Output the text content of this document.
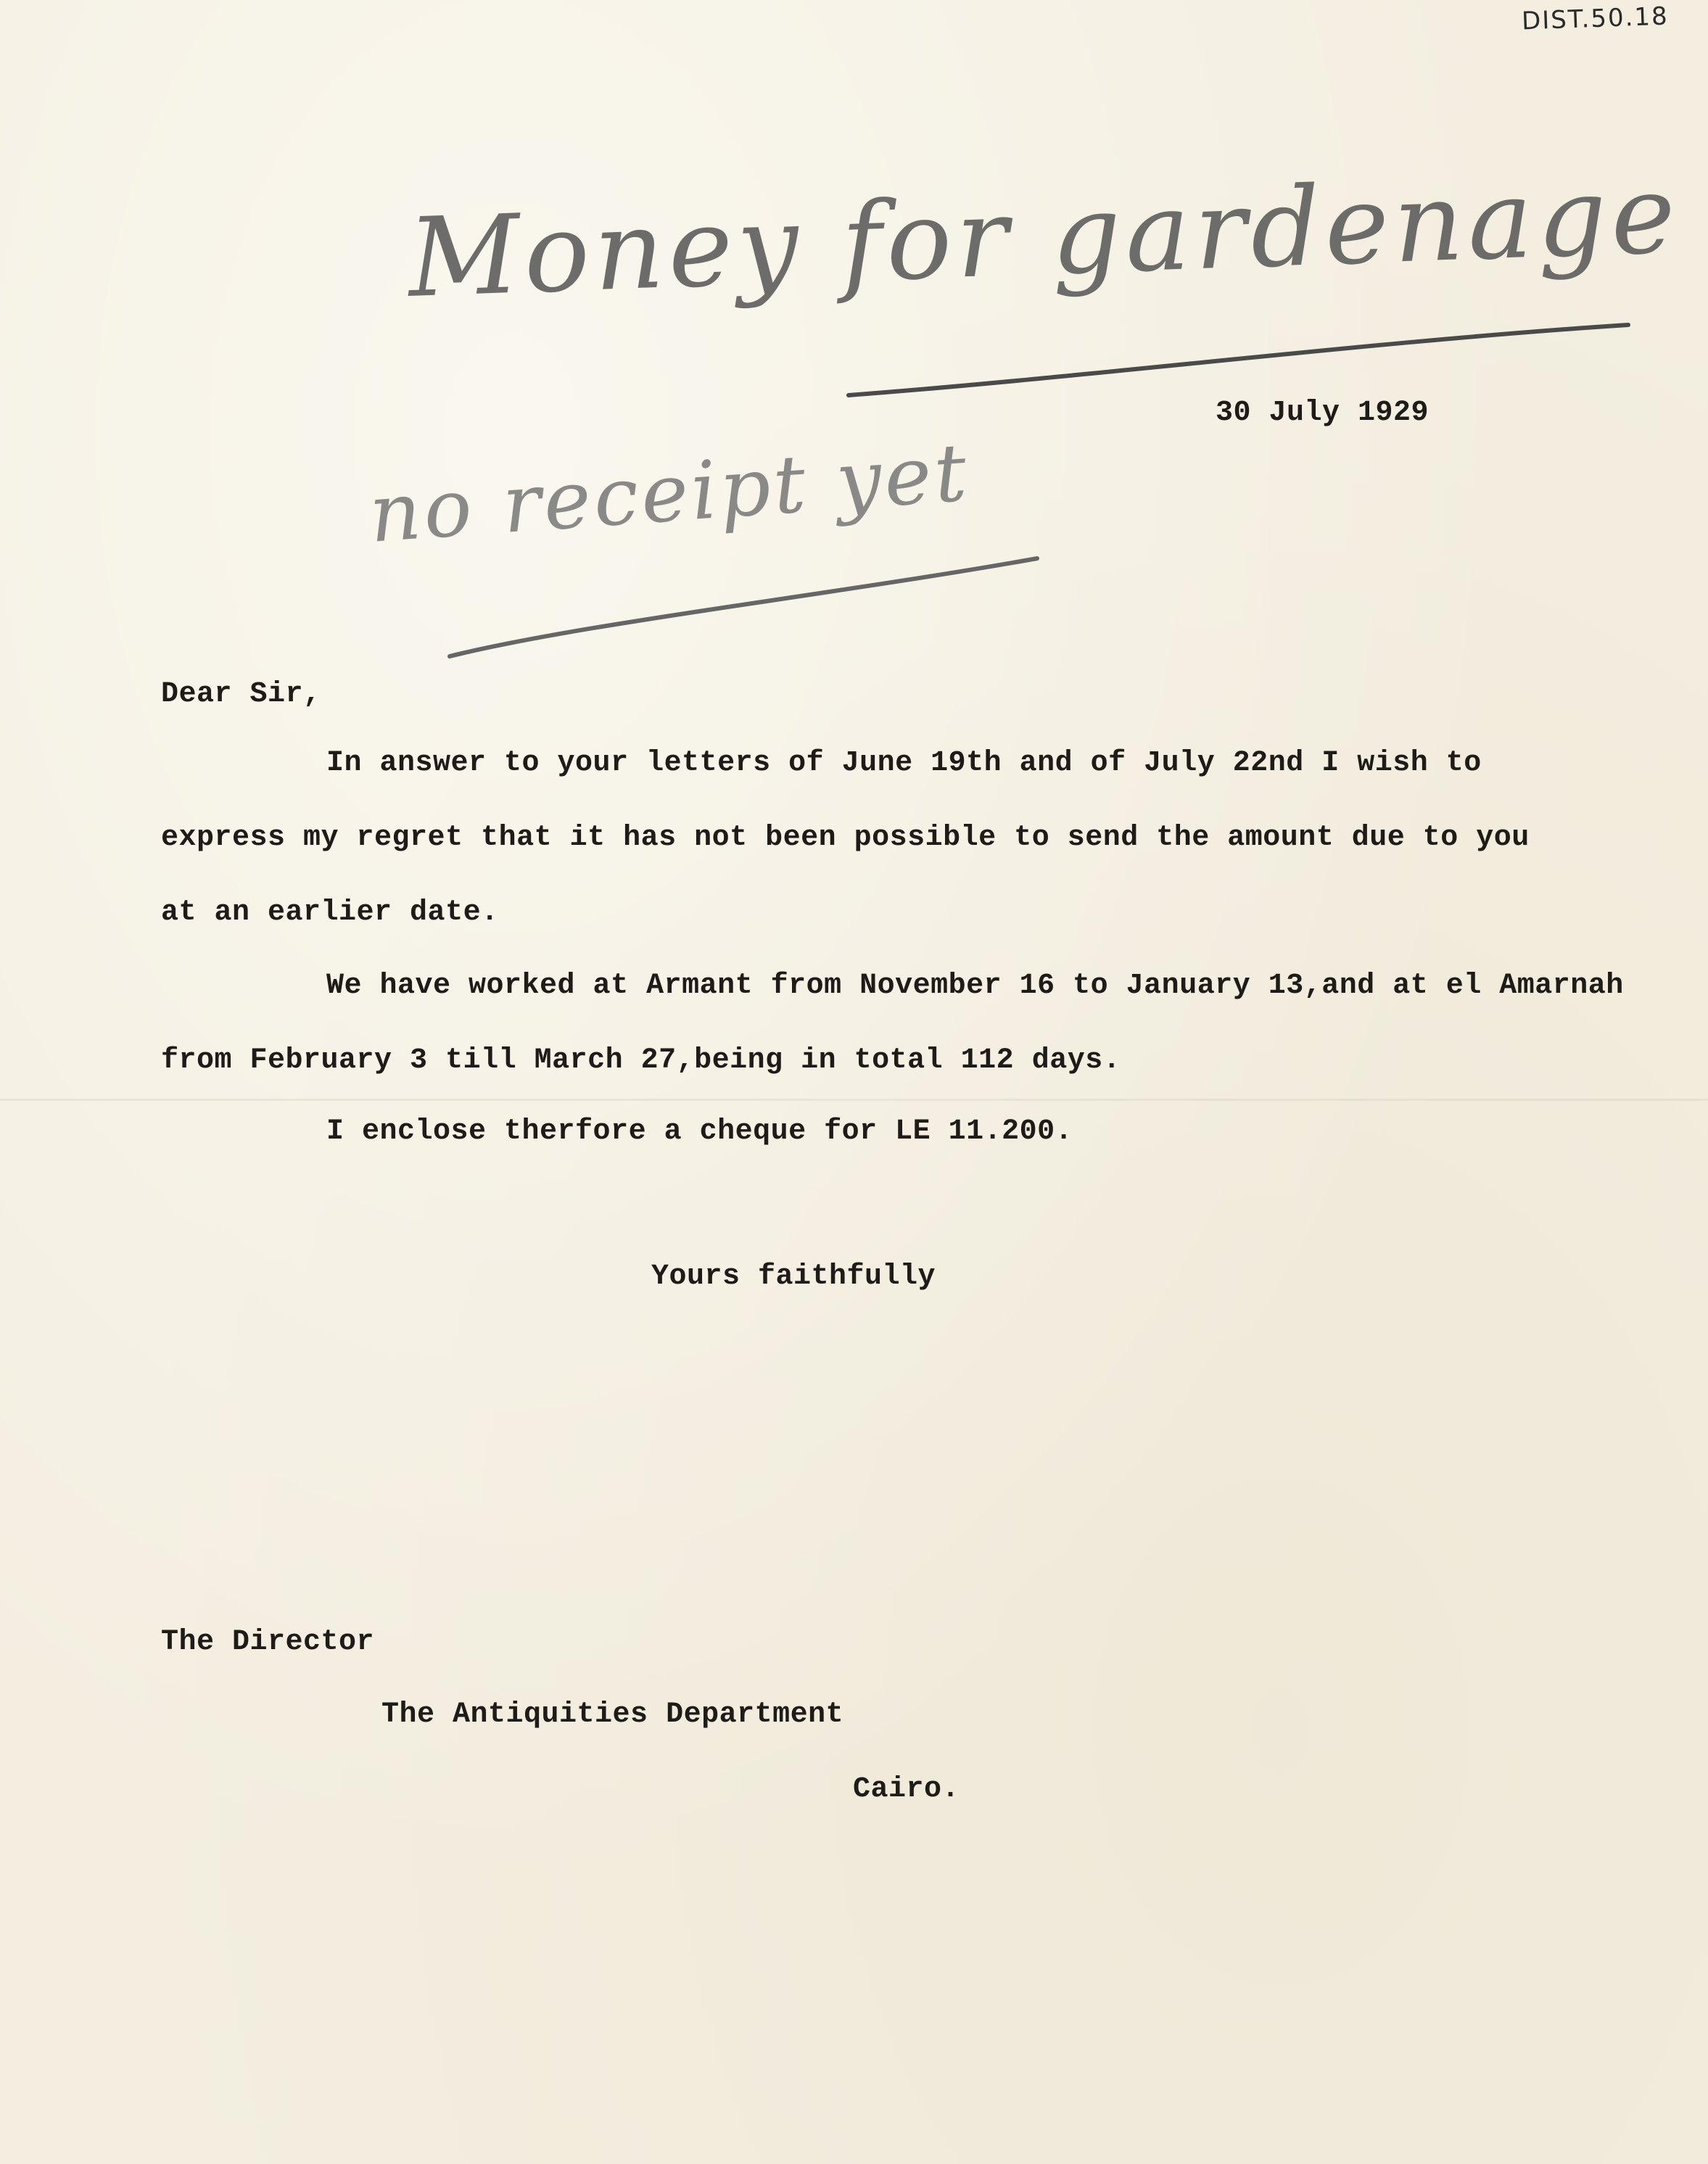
DIST.50.18
Money for gardenage
no receipt yet
30 July 1929
Dear Sir,
In answer to your letters of June 19th and of July 22nd I wish to
express my regret that it has not been possible to send the amount due to you
at an earlier date.
We have worked at Armant from November 16 to January 13,and at el Amarnah
from February 3 till March 27,being in total 112 days.
I enclose therfore a cheque for LE 11.200.
Yours faithfully
The Director
The Antiquities Department
Cairo.
